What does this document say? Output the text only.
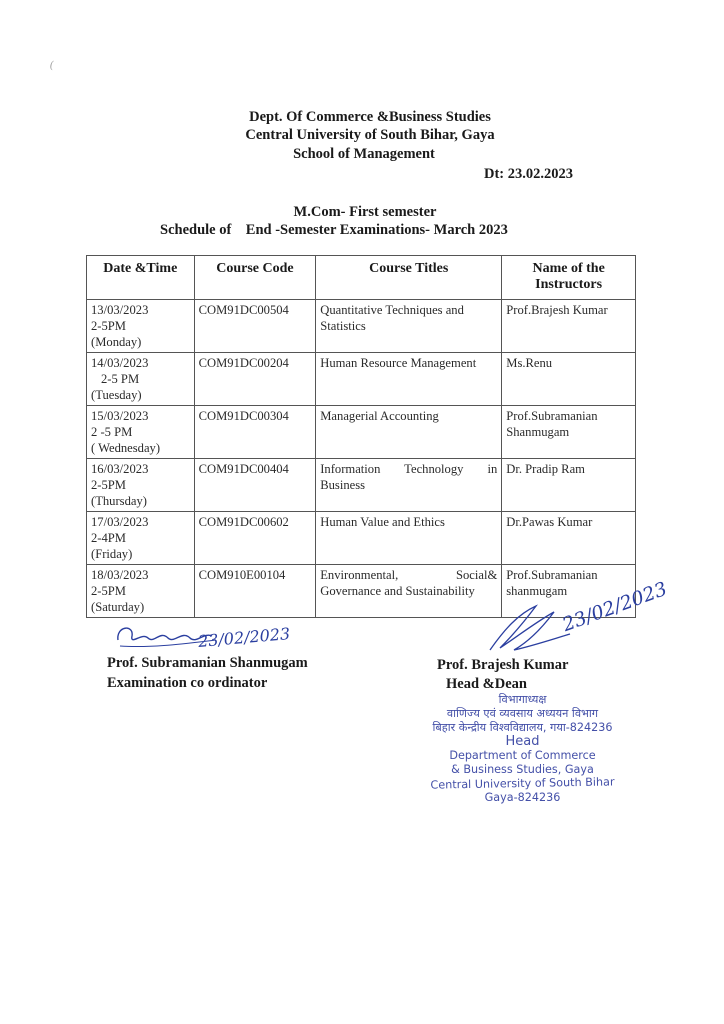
(
Dept. Of Commerce &Business Studies
Central University of South Bihar, Gaya
School of Management
Dt: 23.02.2023
M.Com- First semester
Schedule of    End -Semester Examinations- March 2023
Date &Time	Course Code	Course Titles	Name of the Instructors

13/03/2023
2-5PM
(Monday)	COM91DC00504	Quantitative Techniques and Statistics	Prof.Brajesh Kumar

14/03/2023
2-5 PM
(Tuesday)	COM91DC00204	Human Resource Management	Ms.Renu

15/03/2023
2 -5 PM
( Wednesday)	COM91DC00304	Managerial Accounting	Prof.Subramanian Shanmugam

16/03/2023
2-5PM
(Thursday)	COM91DC00404	Information Technology in Business	Dr. Pradip Ram

17/03/2023
2-4PM
(Friday)	COM91DC00602	Human Value and Ethics	Dr.Pawas Kumar

18/03/2023
2-5PM
(Saturday)	COM910E00104	Environmental, Social& Governance and Sustainability	Prof.Subramanian shanmugam
23/02/2023
23/02/2023
Prof. Subramanian Shanmugam
Examination co ordinator
Prof. Brajesh Kumar
Head &Dean
विभागाध्यक्ष
वाणिज्य एवं व्यवसाय अध्ययन विभाग
बिहार केन्द्रीय विश्वविद्यालय, गया-824236
Head
Department of Commerce
& Business Studies, Gaya
Central University of South Bihar
Gaya-824236
